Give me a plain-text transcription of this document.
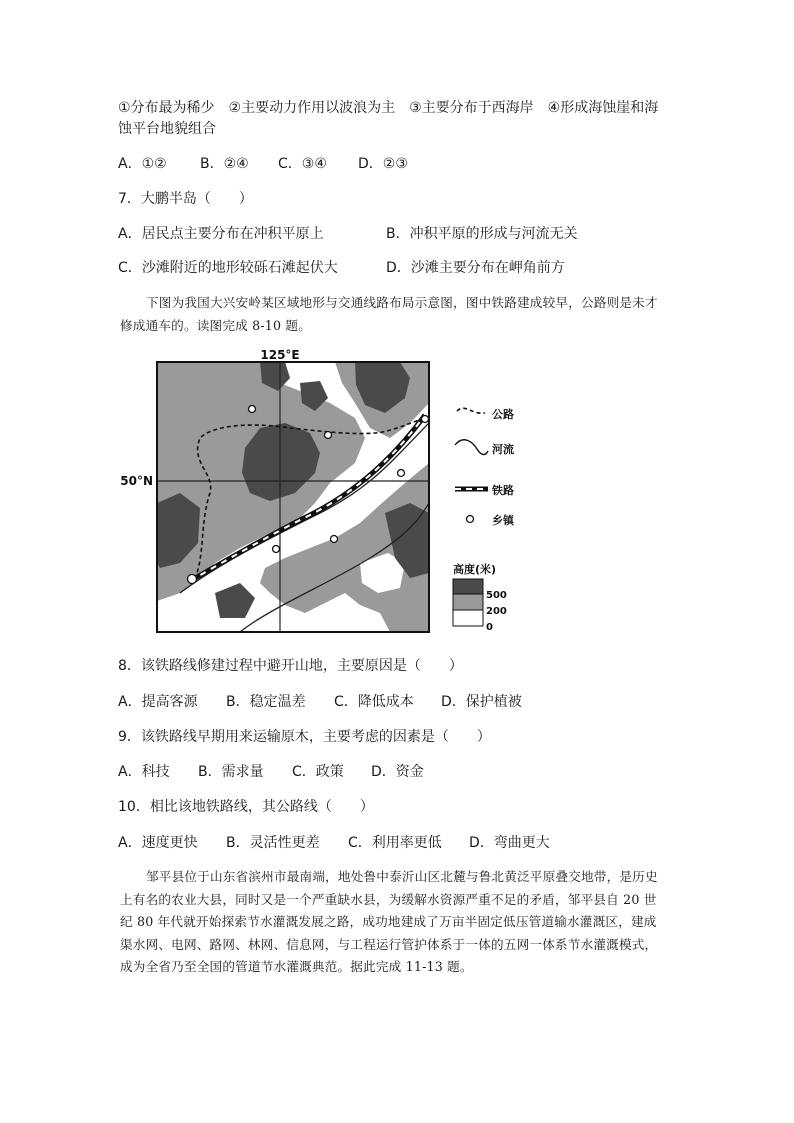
①分布最为稀少　②主要动力作用以波浪为主　③主要分布于西海岸　④形成海蚀崖和海
蚀平台地貌组合
A．①② B．②④ C．③④ D．②③
7．大鹏半岛（　　）
A．居民点主要分布在冲积平原上	B．冲积平原的形成与河流无关
C．沙滩附近的地形较砾石滩起伏大	D．沙滩主要分布在岬角前方
下图为我国大兴安岭某区域地形与交通线路布局示意图，图中铁路建成较早，公路则是未才修成通车的。读图完成 8-10 题。
125°E
50°N
公路
河流
铁路
乡镇
高度(米)
500
200
0
8．该铁路线修建过程中避开山地，主要原因是（　　）
A．提高客源 B．稳定温差 C．降低成本 D．保护植被
9．该铁路线早期用来运输原木，主要考虑的因素是（　　）
A．科技 B．需求量 C．政策 D．资金
10．相比该地铁路线，其公路线（　　）
A．速度更快 B．灵活性更差 C．利用率更低 D．弯曲更大
邹平县位于山东省滨州市最南端，地处鲁中泰沂山区北麓与鲁北黄泛平原叠交地带，是历史上有名的农业大县，同时又是一个严重缺水县，为缓解水资源严重不足的矛盾，邹平县自 20 世纪 80 年代就开始探索节水灌溉发展之路，成功地建成了万亩半固定低压管道输水灌溉区，建成渠水网、电网、路网、林网、信息网，与工程运行管护体系于一体的五网一体系节水灌溉模式，成为全省乃至全国的管道节水灌溉典范。据此完成 11-13 题。
